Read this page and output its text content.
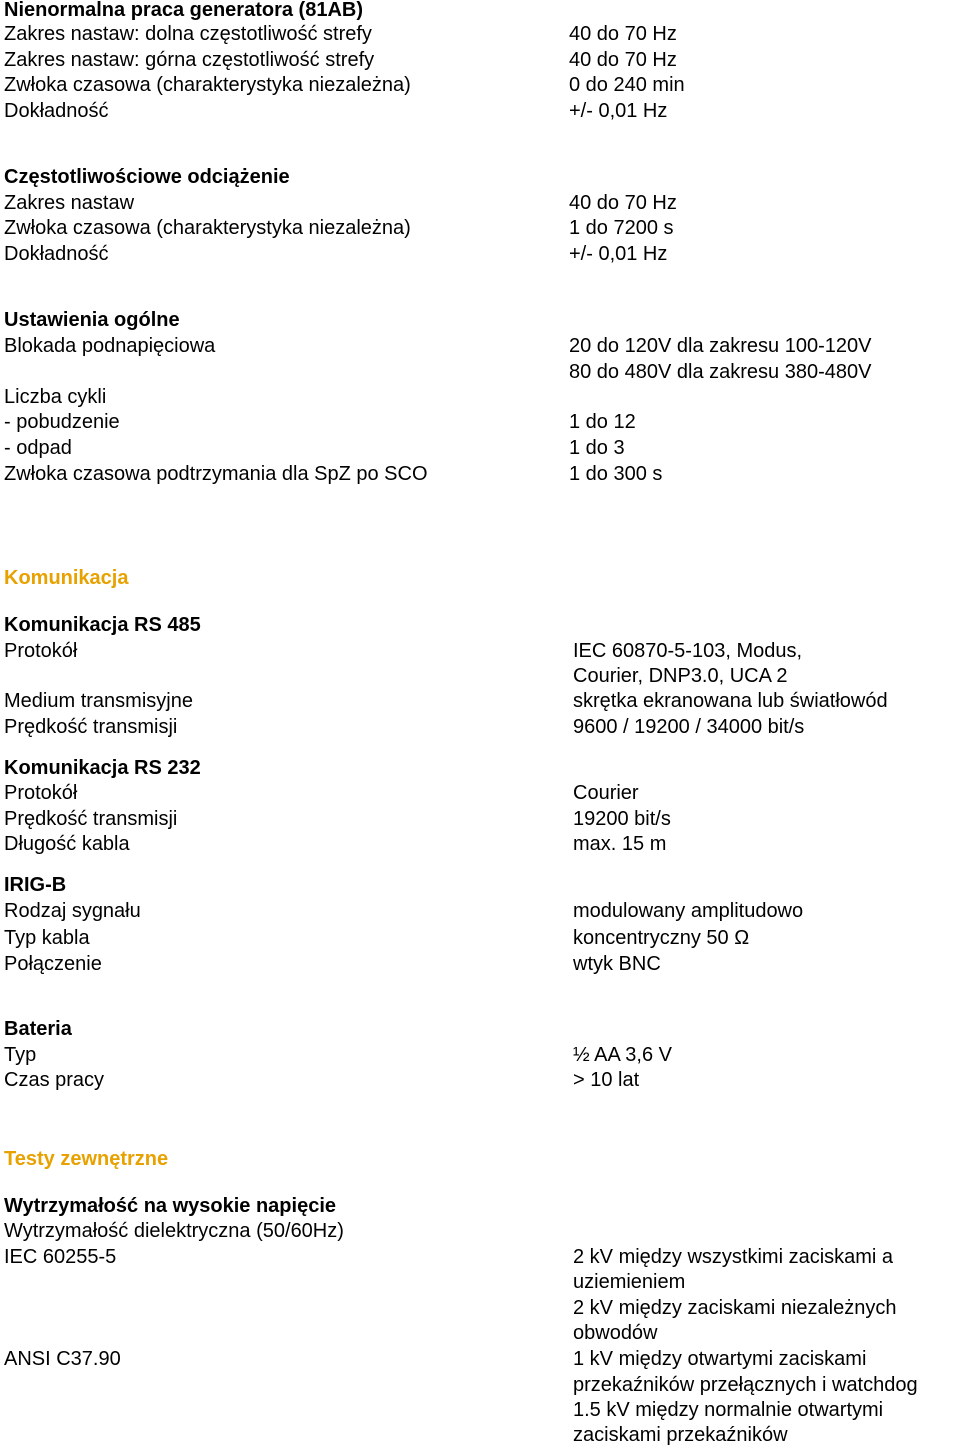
Nienormalna praca generatora (81AB)
Zakres nastaw: dolna częstotliwość strefy	40 do 70 Hz
Zakres nastaw: górna częstotliwość strefy	40 do 70 Hz
Zwłoka czasowa (charakterystyka niezależna)	0 do 240 min
Dokładność	+/- 0,01 Hz
Częstotliwościowe odciążenie
Zakres nastaw	40 do 70 Hz
Zwłoka czasowa (charakterystyka niezależna)	1 do 7200 s
Dokładność	+/- 0,01 Hz
Ustawienia ogólne
Blokada podnapięciowa	20 do 120V dla zakresu 100-120V
80 do 480V dla zakresu 380-480V
Liczba cykli
- pobudzenie	1 do 12
- odpad	1 do 3
Zwłoka czasowa podtrzymania dla SpZ po SCO	1 do 300 s
Komunikacja
Komunikacja RS 485
Protokół	IEC 60870-5-103, Modus,
Courier, DNP3.0, UCA 2
Medium transmisyjne	skrętka ekranowana lub światłowód
Prędkość transmisji	9600 / 19200 / 34000 bit/s
Komunikacja RS 232
Protokół	Courier
Prędkość transmisji	19200 bit/s
Długość kabla	max. 15 m
IRIG-B
Rodzaj sygnału	modulowany amplitudowo
Typ kabla	koncentryczny 50 Ω
Połączenie	wtyk BNC
Bateria
Typ	½ AA 3,6 V
Czas pracy	> 10 lat
Testy zewnętrzne
Wytrzymałość na wysokie napięcie
Wytrzymałość dielektryczna (50/60Hz)
IEC 60255-5	2 kV między wszystkimi zaciskami a
uziemieniem
2 kV między zaciskami niezależnych
obwodów
ANSI C37.90	1 kV między otwartymi zaciskami
przekaźników przełącznych i watchdog
1.5 kV między normalnie otwartymi
zaciskami przekaźników
